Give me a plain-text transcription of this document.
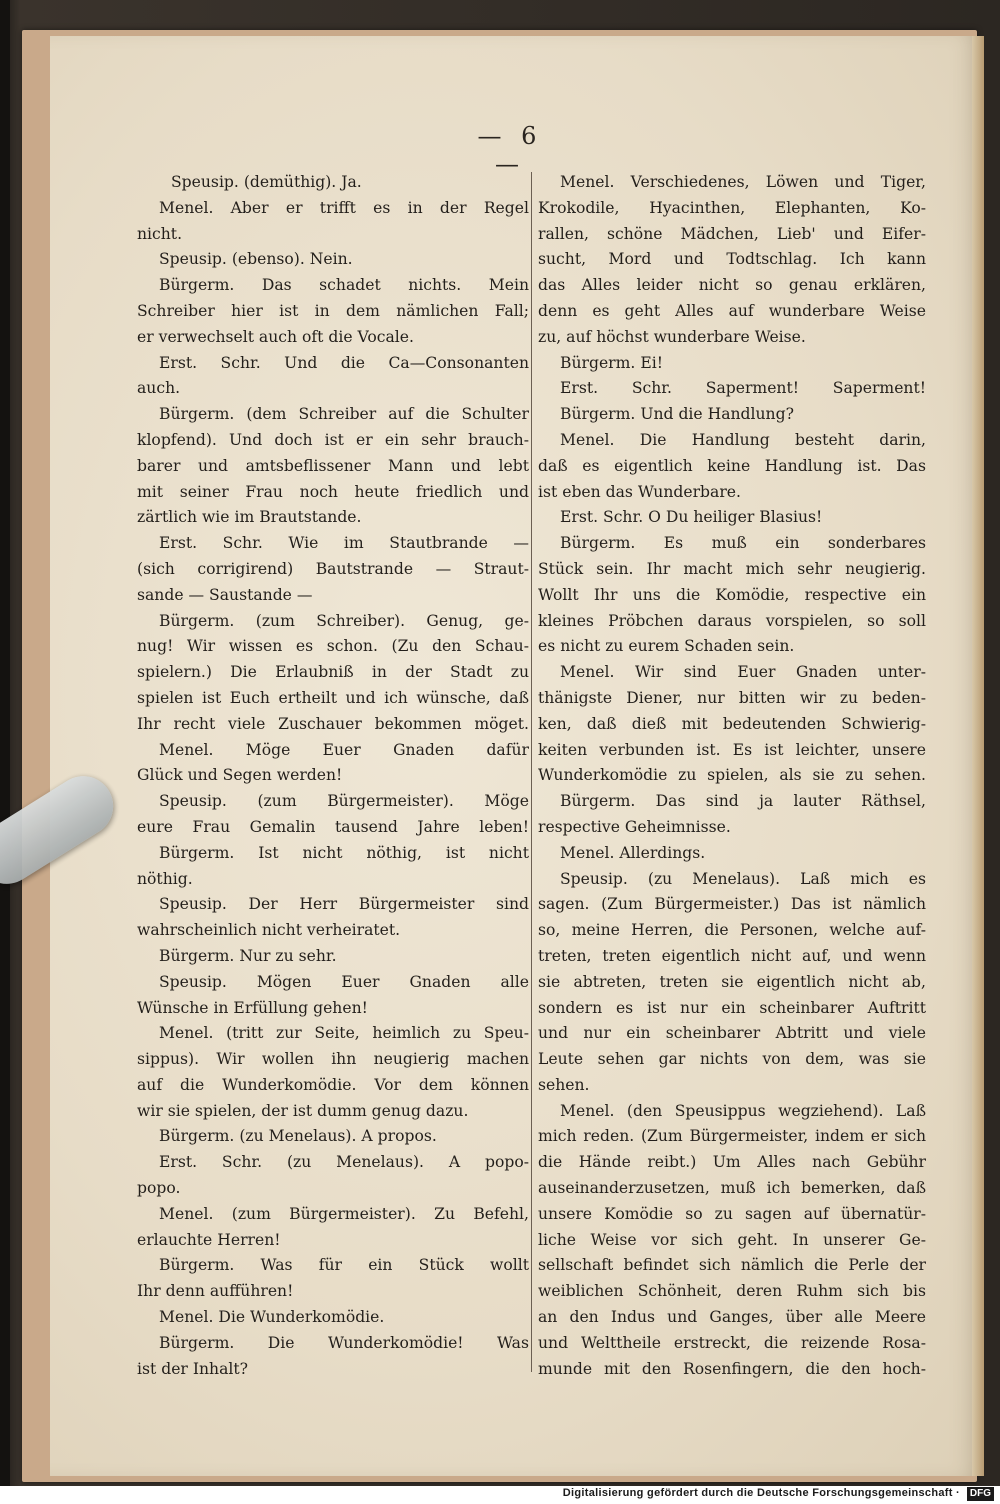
— 6 —
Speusip. (demüthig). Ja.
Menel. Aber er trifft es in der Regel
nicht.
Speusip. (ebenso). Nein.
Bürgerm. Das schadet nichts. Mein
Schreiber hier ist in dem nämlichen Fall;
er verwechselt auch oft die Vocale.
Erst. Schr. Und die Ca—Consonanten
auch.
Bürgerm. (dem Schreiber auf die Schulter
klopfend). Und doch ist er ein sehr brauch-
barer und amtsbeflissener Mann und lebt
mit seiner Frau noch heute friedlich und
zärtlich wie im Brautstande.
Erst. Schr. Wie im Stautbrande —
(sich corrigirend) Bautstrande — Straut-
sande — Saustande —
Bürgerm. (zum Schreiber). Genug, ge-
nug! Wir wissen es schon. (Zu den Schau-
spielern.) Die Erlaubniß in der Stadt zu
spielen ist Euch ertheilt und ich wünsche, daß
Ihr recht viele Zuschauer bekommen möget.
Menel. Möge Euer Gnaden dafür
Glück und Segen werden!
Speusip. (zum Bürgermeister). Möge
eure Frau Gemalin tausend Jahre leben!
Bürgerm. Ist nicht nöthig, ist nicht
nöthig.
Speusip. Der Herr Bürgermeister sind
wahrscheinlich nicht verheiratet.
Bürgerm. Nur zu sehr.
Speusip. Mögen Euer Gnaden alle
Wünsche in Erfüllung gehen!
Menel. (tritt zur Seite, heimlich zu Speu-
sippus). Wir wollen ihn neugierig machen
auf die Wunderkomödie. Vor dem können
wir sie spielen, der ist dumm genug dazu.
Bürgerm. (zu Menelaus). A propos.
Erst. Schr. (zu Menelaus). A popo-
popo.
Menel. (zum Bürgermeister). Zu Befehl,
erlauchte Herren!
Bürgerm. Was für ein Stück wollt
Ihr denn aufführen!
Menel. Die Wunderkomödie.
Bürgerm. Die Wunderkomödie! Was
ist der Inhalt?
Menel. Verschiedenes, Löwen und Tiger,
Krokodile, Hyacinthen, Elephanten, Ko-
rallen, schöne Mädchen, Lieb' und Eifer-
sucht, Mord und Todtschlag. Ich kann
das Alles leider nicht so genau erklären,
denn es geht Alles auf wunderbare Weise
zu, auf höchst wunderbare Weise.
Bürgerm. Ei!
Erst. Schr. Saperment! Saperment!
Bürgerm. Und die Handlung?
Menel. Die Handlung besteht darin,
daß es eigentlich keine Handlung ist. Das
ist eben das Wunderbare.
Erst. Schr. O Du heiliger Blasius!
Bürgerm. Es muß ein sonderbares
Stück sein. Ihr macht mich sehr neugierig.
Wollt Ihr uns die Komödie, respective ein
kleines Pröbchen daraus vorspielen, so soll
es nicht zu eurem Schaden sein.
Menel. Wir sind Euer Gnaden unter-
thänigste Diener, nur bitten wir zu beden-
ken, daß dieß mit bedeutenden Schwierig-
keiten verbunden ist. Es ist leichter, unsere
Wunderkomödie zu spielen, als sie zu sehen.
Bürgerm. Das sind ja lauter Räthsel,
respective Geheimnisse.
Menel. Allerdings.
Speusip. (zu Menelaus). Laß mich es
sagen. (Zum Bürgermeister.) Das ist nämlich
so, meine Herren, die Personen, welche auf-
treten, treten eigentlich nicht auf, und wenn
sie abtreten, treten sie eigentlich nicht ab,
sondern es ist nur ein scheinbarer Auftritt
und nur ein scheinbarer Abtritt und viele
Leute sehen gar nichts von dem, was sie
sehen.
Menel. (den Speusippus wegziehend). Laß
mich reden. (Zum Bürgermeister, indem er sich
die Hände reibt.) Um Alles nach Gebühr
auseinanderzusetzen, muß ich bemerken, daß
unsere Komödie so zu sagen auf übernatür-
liche Weise vor sich geht. In unserer Ge-
sellschaft befindet sich nämlich die Perle der
weiblichen Schönheit, deren Ruhm sich bis
an den Indus und Ganges, über alle Meere
und Welttheile erstreckt, die reizende Rosa-
munde mit den Rosenfingern, die den hoch-
Digitalisierung gefördert durch die Deutsche Forschungsgemeinschaft · DFG
